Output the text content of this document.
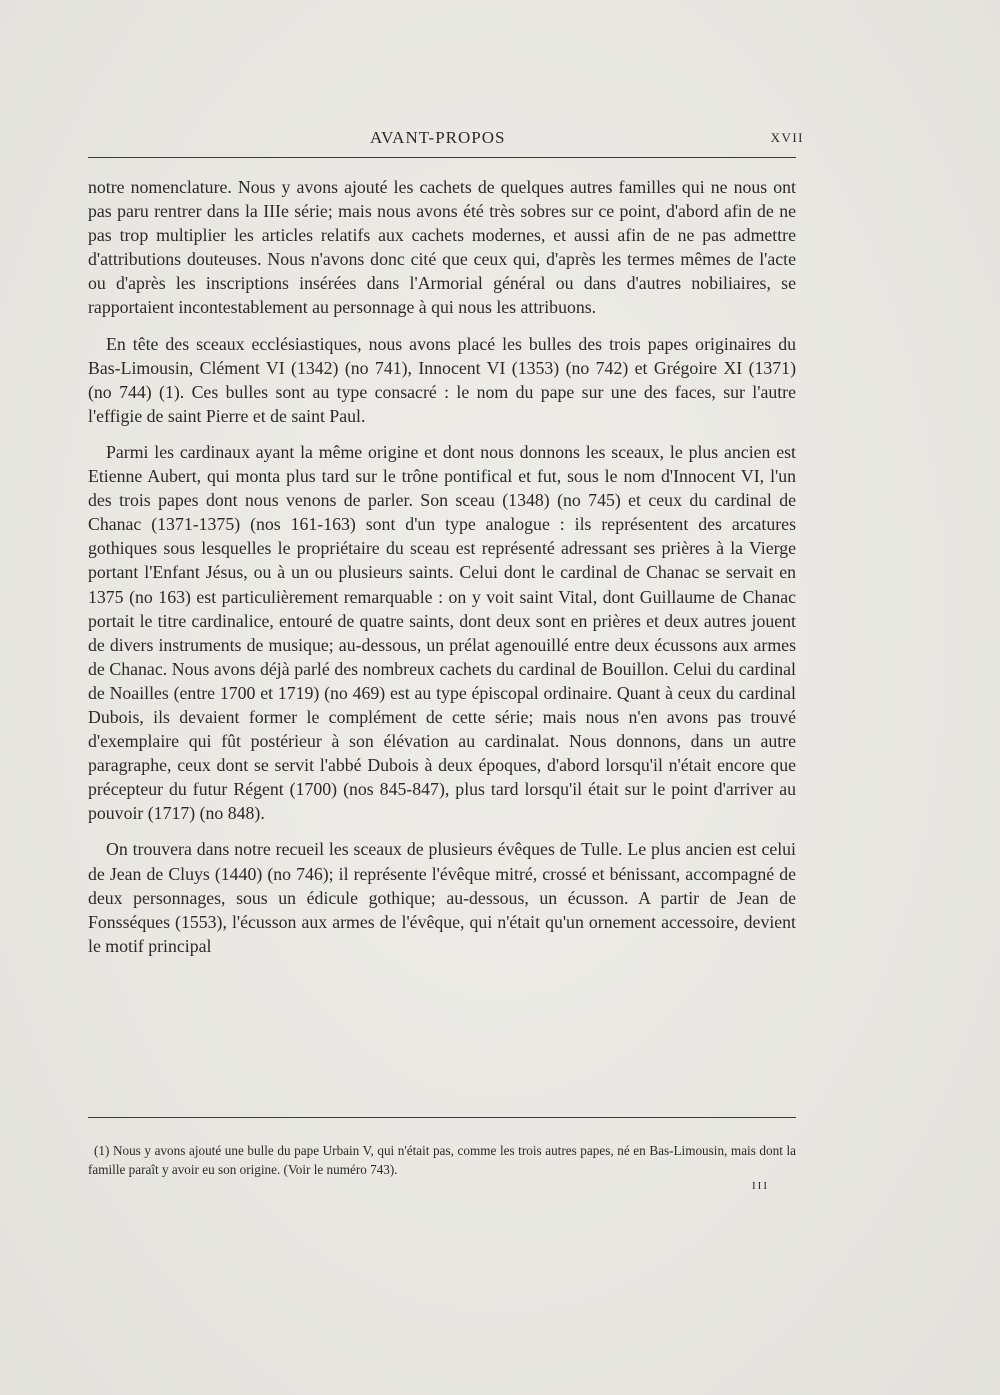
AVANT-PROPOS	XVII

notre nomenclature. Nous y avons ajouté les cachets de quelques autres familles qui ne nous ont pas paru rentrer dans la IIIe série; mais nous avons été très sobres sur ce point, d'abord afin de ne pas trop multiplier les articles relatifs aux cachets modernes, et aussi afin de ne pas admettre d'attributions douteuses. Nous n'avons donc cité que ceux qui, d'après les termes mêmes de l'acte ou d'après les inscriptions insérées dans l'Armorial général ou dans d'autres nobiliaires, se rapportaient incontestablement au personnage à qui nous les attribuons.

En tête des sceaux ecclésiastiques, nous avons placé les bulles des trois papes originaires du Bas-Limousin, Clément VI (1342) (no 741), Innocent VI (1353) (no 742) et Grégoire XI (1371) (no 744) (1). Ces bulles sont au type consacré : le nom du pape sur une des faces, sur l'autre l'effigie de saint Pierre et de saint Paul.

Parmi les cardinaux ayant la même origine et dont nous donnons les sceaux, le plus ancien est Etienne Aubert, qui monta plus tard sur le trône pontifical et fut, sous le nom d'Innocent VI, l'un des trois papes dont nous venons de parler. Son sceau (1348) (no 745) et ceux du cardinal de Chanac (1371-1375) (nos 161-163) sont d'un type analogue : ils représentent des arcatures gothiques sous lesquelles le propriétaire du sceau est représenté adressant ses prières à la Vierge portant l'Enfant Jésus, ou à un ou plusieurs saints. Celui dont le cardinal de Chanac se servait en 1375 (no 163) est particulièrement remarquable : on y voit saint Vital, dont Guillaume de Chanac portait le titre cardinalice, entouré de quatre saints, dont deux sont en prières et deux autres jouent de divers instruments de musique; au-dessous, un prélat agenouillé entre deux écussons aux armes de Chanac. Nous avons déjà parlé des nombreux cachets du cardinal de Bouillon. Celui du cardinal de Noailles (entre 1700 et 1719) (no 469) est au type épiscopal ordinaire. Quant à ceux du cardinal Dubois, ils devaient former le complément de cette série; mais nous n'en avons pas trouvé d'exemplaire qui fût postérieur à son élévation au cardinalat. Nous donnons, dans un autre paragraphe, ceux dont se servit l'abbé Dubois à deux époques, d'abord lorsqu'il n'était encore que précepteur du futur Régent (1700) (nos 845-847), plus tard lorsqu'il était sur le point d'arriver au pouvoir (1717) (no 848).

On trouvera dans notre recueil les sceaux de plusieurs évêques de Tulle. Le plus ancien est celui de Jean de Cluys (1440) (no 746); il représente l'évêque mitré, crossé et bénissant, accompagné de deux personnages, sous un édicule gothique; au-dessous, un écusson. A partir de Jean de Fonsséques (1553), l'écusson aux armes de l'évêque, qui n'était qu'un ornement accessoire, devient le motif principal

(1) Nous y avons ajouté une bulle du pape Urbain V, qui n'était pas, comme les trois autres papes, né en Bas-Limousin, mais dont la famille paraît y avoir eu son origine. (Voir le numéro 743).
III
